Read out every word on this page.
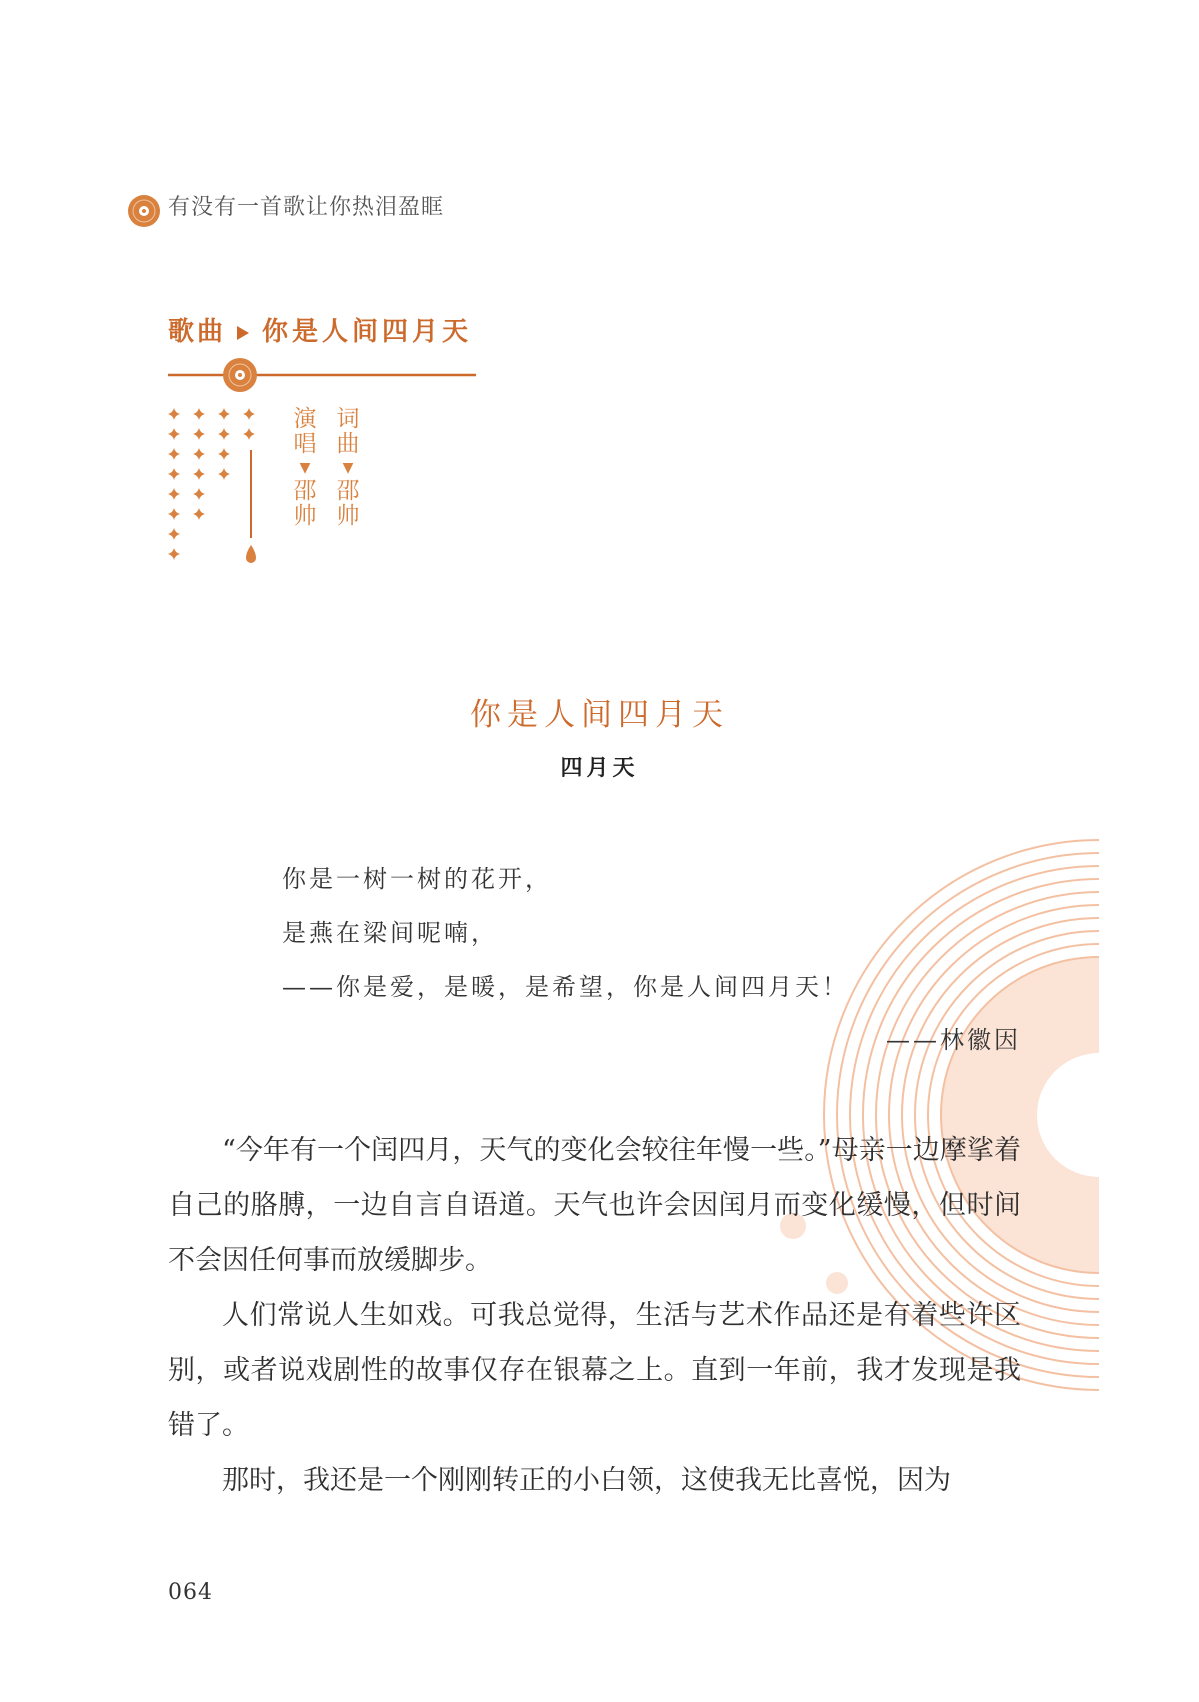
有没有一首歌让你热泪盈眶
歌曲 你是人间四月天
演唱
▼
邵帅
词曲
▼
邵帅
你是人间四月天
四月天
你是一树一树的花开，
是燕在梁间呢喃，
——你是爱，是暖，是希望，你是人间四月天！
——林徽因

“今年有一个闰四月，天气的变化会较往年慢一些。”母亲一边摩挲着自己的胳膊，一边自言自语道。天气也许会因闰月而变化缓慢，但时间不会因任何事而放缓脚步。

人们常说人生如戏。可我总觉得，生活与艺术作品还是有着些许区别，或者说戏剧性的故事仅存在银幕之上。直到一年前，我才发现是我错了。

那时，我还是一个刚刚转正的小白领，这使我无比喜悦，因为

064
